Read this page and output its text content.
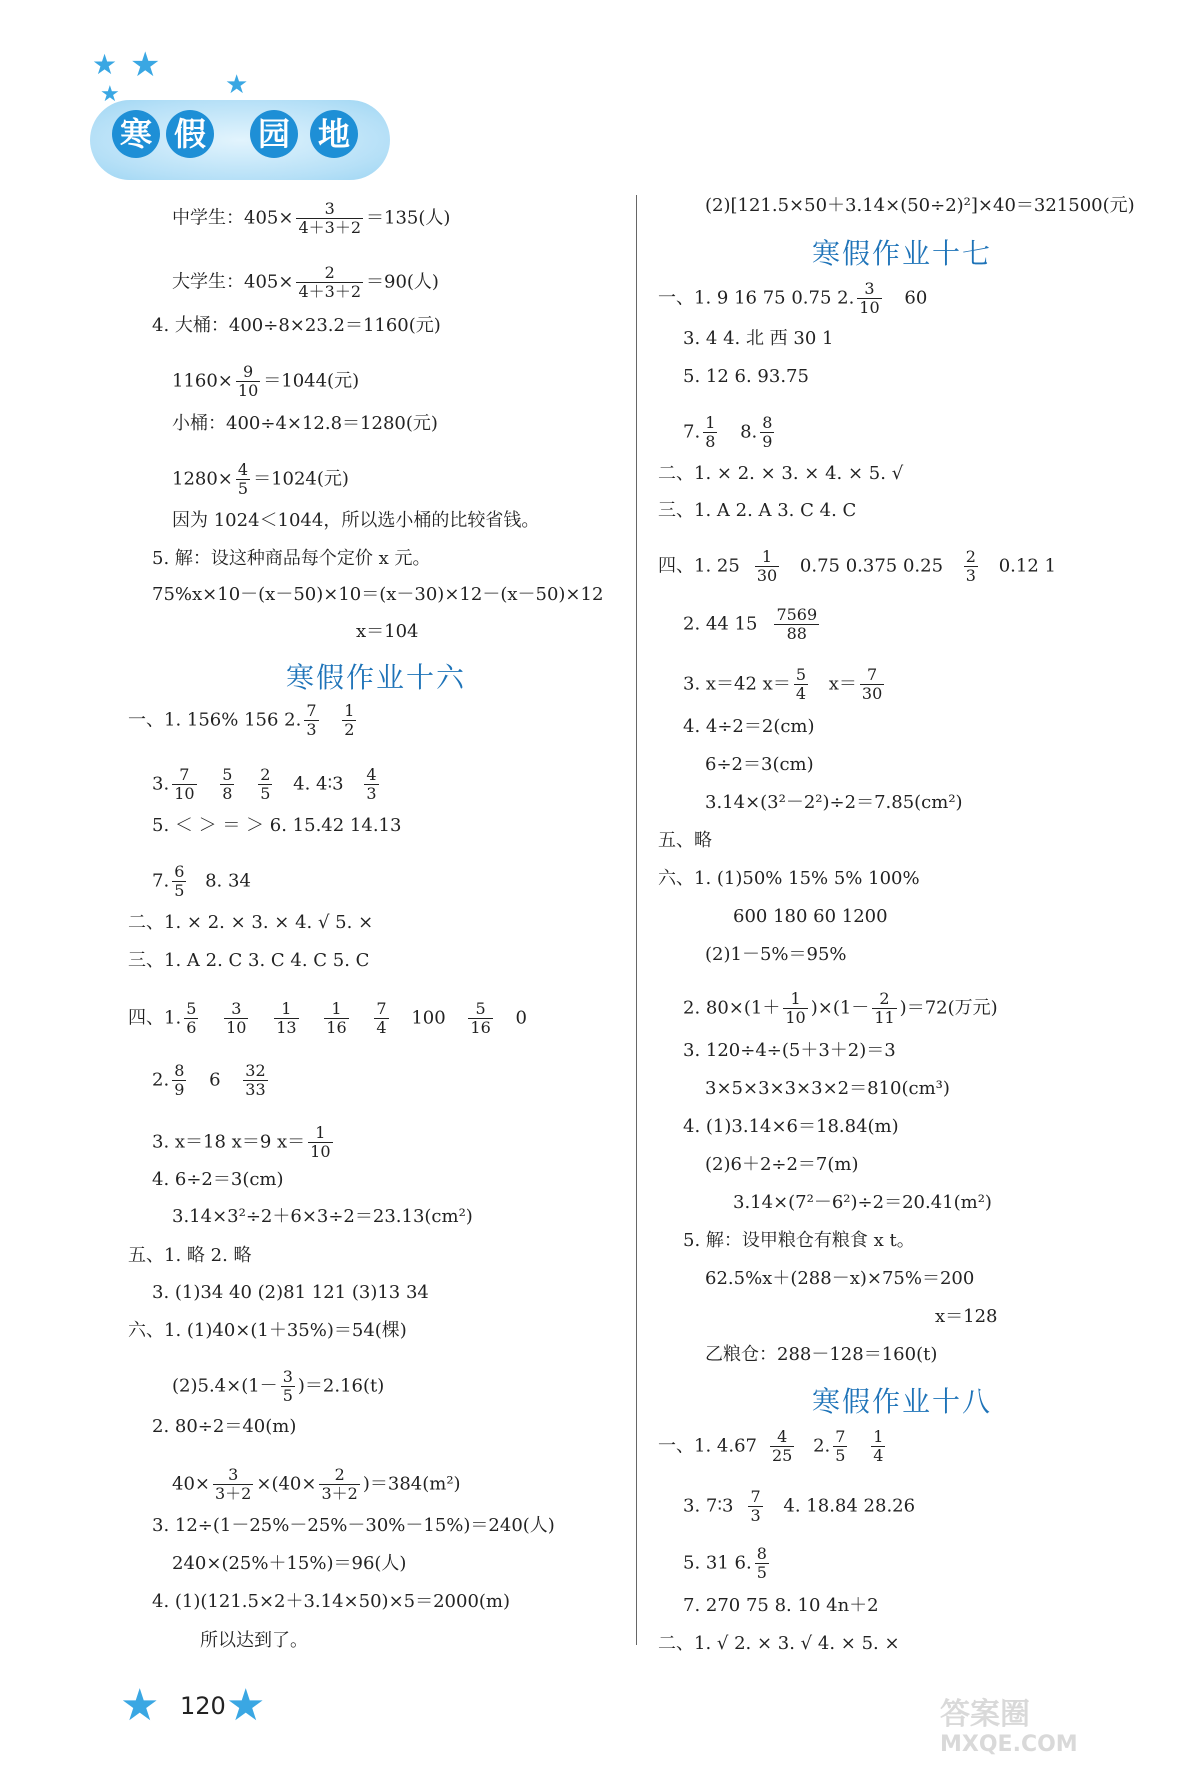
★ ★ ★
★
寒 假 园 地
中学生：$405\times \frac{3}{4+3+2} =135$(人)
大学生：$405\times \frac{2}{4+3+2} =90$(人)
4. 大桶：400÷8×23.2＝1160(元)
$1160\times \frac{9}{10} =1044$(元)
小桶：400÷4×12.8＝1280(元)
$1280\times \frac{4}{5} =1024$(元)
因为 1024＜1044，所以选小桶的比较省钱。
5. 解：设这种商品每个定价 x 元。
75%x×10－(x－50)×10＝(x－30)×12－(x－50)×12
x＝104
寒假作业十六
一、1. 156% 156 2. $\frac{7}{3}$
$\frac{1}{2}$
3. $\frac{7}{10}$
$\frac{5}{8}$
$\frac{2}{5} 4$. 4∶3 $\frac{4}{3}$
5. ＜ ＞ ＝ ＞ 6. 15.42 14.13
7. $\frac{6}{5} 8$. 34
二、1. × 2. × 3. × 4. √ 5. ×
三、1. A 2. C 3. C 4. C 5. C
四、1. $\frac{5}{6}$
$\frac{3}{10}$
$\frac{1}{13}$
$\frac{1}{16}$
$\frac{7}{4} 100 \frac{5}{16} 0$
2. $\frac{8}{9} 6 \frac{32}{33}$
3. x＝18 x＝9 $x= \frac{1}{10}$
4. 6÷2＝3(cm)
3.14×3²÷2＋6×3÷2＝23.13(cm²)
五、1. 略 2. 略
3. (1)34 40 (2)81 121 (3)13 34
六、1. (1)40×(1＋35%)＝54(棵)
$(2)5.4\times(1- \frac{3}{5} )=2.16(t)$
2. 80÷2＝40(m)
$40\times \frac{3}{3+2} \times(40\times \frac{2}{3+2} )=384(m^2)$
3. 12÷(1－25%－25%－30%－15%)＝240(人)
240×(25%＋15%)＝96(人)
4. (1)(121.5×2＋3.14×50)×5＝2000(m)
所以达到了。
(2)[121.5×50＋3.14×(50÷2)²]×40＝321500(元)
寒假作业十七
一、1. 9 16 75 0.75 2. $\frac{3}{10} 60$
3. 4 4. 北 西 30 1
5. 12 6. 93.75
7. $\frac{1}{8} 8$. $\frac{8}{9}$
二、1. × 2. × 3. × 4. × 5. √
三、1. A 2. A 3. C 4. C
四、1. $25 \frac{1}{30} 0.75$ 0.375 $0.25 \frac{2}{3} 0.12$ 1
2. 44 $15 \frac{7569}{88}$
3. x＝42 $x= \frac{5}{4} x= \frac{7}{30}$
4. 4÷2＝2(cm)
6÷2＝3(cm)
3.14×(3²－2²)÷2＝7.85(cm²)
五、略
六、1. (1)50% 15% 5% 100%
600 180 60 1200
(2)1－5%＝95%
2. $80\times(1+ \frac{1}{10} )\times(1- \frac{2}{11} )=72$(万元)
3. 120÷4÷(5＋3＋2)＝3
3×5×3×3×3×2＝810(cm³)
4. (1)3.14×6＝18.84(m)
(2)6＋2÷2＝7(m)
3.14×(7²－6²)÷2＝20.41(m²)
5. 解：设甲粮仓有粮食 x t。
62.5%x＋(288－x)×75%＝200
x＝128
乙粮仓：288－128＝160(t)
寒假作业十八
一、1. $4.67 \frac{4}{25} 2$. $\frac{7}{5}$
$\frac{1}{4}$
3. 7∶3 $\frac{7}{3} 4$. 18.84 28.26
5. 31 6. $\frac{8}{5}$
7. 270 75 8. 10 4n＋2
二、1. √ 2. × 3. √ 4. × 5. ×
★ 120 ★	答案圈
MXQE.COM
